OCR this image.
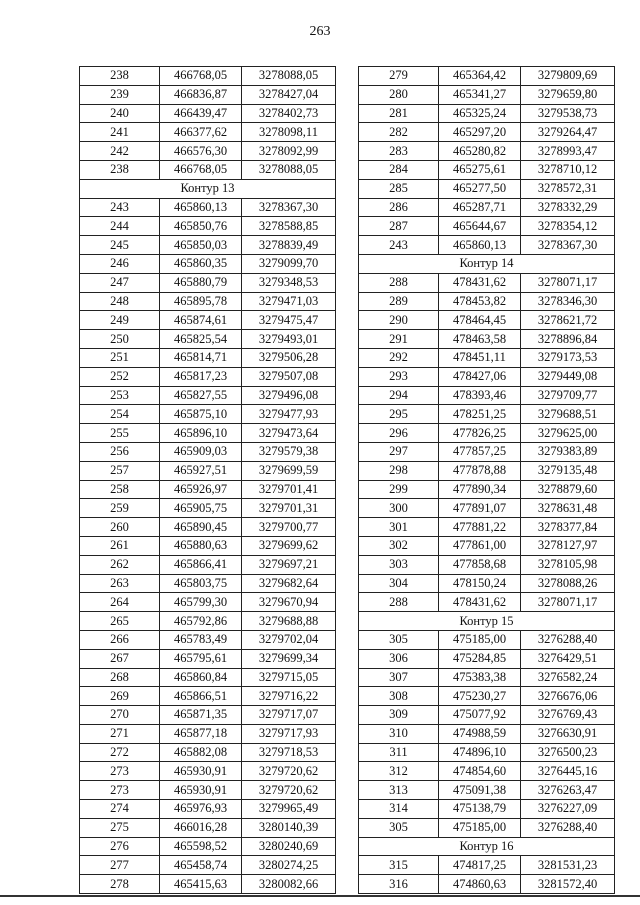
263
238	466768,05	3278088,05
239	466836,87	3278427,04
240	466439,47	3278402,73
241	466377,62	3278098,11
242	466576,30	3278092,99
238	466768,05	3278088,05
Контур 13		
243	465860,13	3278367,30
244	465850,76	3278588,85
245	465850,03	3278839,49
246	465860,35	3279099,70
247	465880,79	3279348,53
248	465895,78	3279471,03
249	465874,61	3279475,47
250	465825,54	3279493,01
251	465814,71	3279506,28
252	465817,23	3279507,08
253	465827,55	3279496,08
254	465875,10	3279477,93
255	465896,10	3279473,64
256	465909,03	3279579,38
257	465927,51	3279699,59
258	465926,97	3279701,41
259	465905,75	3279701,31
260	465890,45	3279700,77
261	465880,63	3279699,62
262	465866,41	3279697,21
263	465803,75	3279682,64
264	465799,30	3279670,94
265	465792,86	3279688,88
266	465783,49	3279702,04
267	465795,61	3279699,34
268	465860,84	3279715,05
269	465866,51	3279716,22
270	465871,35	3279717,07
271	465877,18	3279717,93
272	465882,08	3279718,53
273	465930,91	3279720,62
273	465930,91	3279720,62
274	465976,93	3279965,49
275	466016,28	3280140,39
276	465598,52	3280240,69
277	465458,74	3280274,25
278	465415,63	3280082,66
279	465364,42	3279809,69
280	465341,27	3279659,80
281	465325,24	3279538,73
282	465297,20	3279264,47
283	465280,82	3278993,47
284	465275,61	3278710,12
285	465277,50	3278572,31
286	465287,71	3278332,29
287	465644,67	3278354,12
243	465860,13	3278367,30
Контур 14		
288	478431,62	3278071,17
289	478453,82	3278346,30
290	478464,45	3278621,72
291	478463,58	3278896,84
292	478451,11	3279173,53
293	478427,06	3279449,08
294	478393,46	3279709,77
295	478251,25	3279688,51
296	477826,25	3279625,00
297	477857,25	3279383,89
298	477878,88	3279135,48
299	477890,34	3278879,60
300	477891,07	3278631,48
301	477881,22	3278377,84
302	477861,00	3278127,97
303	477858,68	3278105,98
304	478150,24	3278088,26
288	478431,62	3278071,17
Контур 15		
305	475185,00	3276288,40
306	475284,85	3276429,51
307	475383,38	3276582,24
308	475230,27	3276676,06
309	475077,92	3276769,43
310	474988,59	3276630,91
311	474896,10	3276500,23
312	474854,60	3276445,16
313	475091,38	3276263,47
314	475138,79	3276227,09
305	475185,00	3276288,40
Контур 16		
315	474817,25	3281531,23
316	474860,63	3281572,40
